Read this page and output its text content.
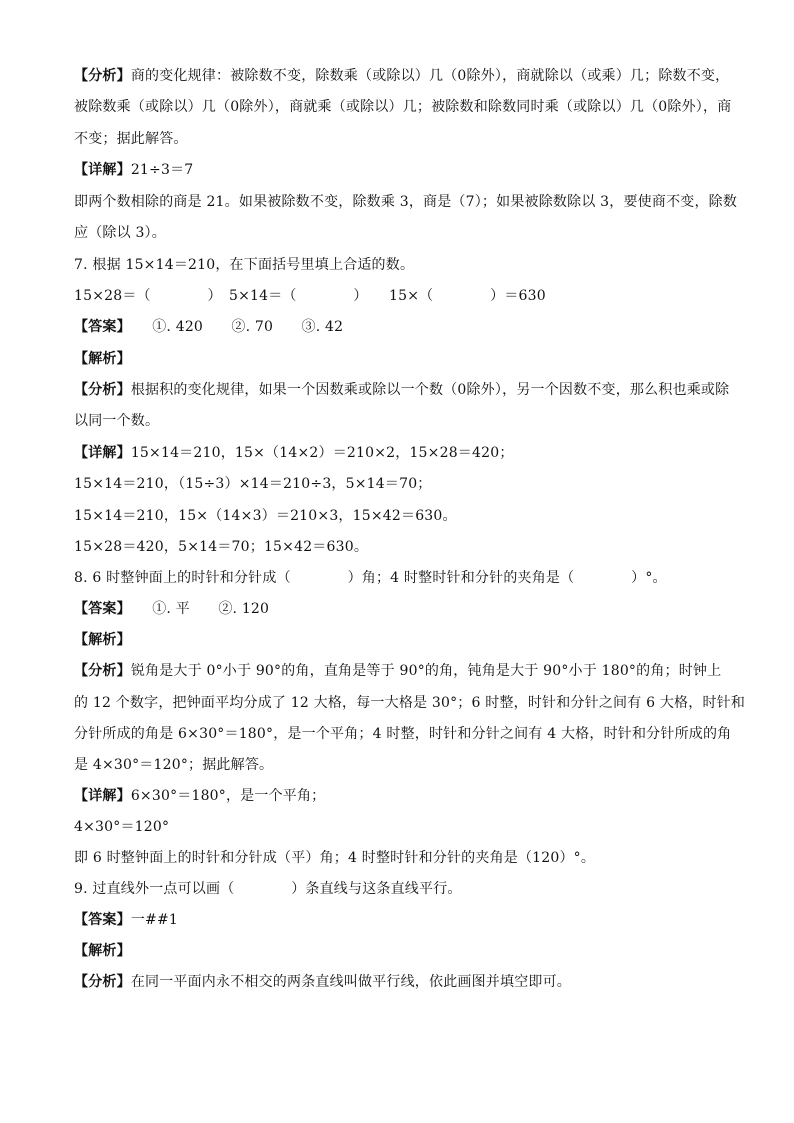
【分析】商的变化规律：被除数不变，除数乘（或除以）几（0除外），商就除以（或乘）几；除数不变，
被除数乘（或除以）几（0除外），商就乘（或除以）几；被除数和除数同时乘（或除以）几（0除外），商
不变；据此解答。
【详解】21÷3＝7
即两个数相除的商是 21。如果被除数不变，除数乘 3，商是（7）；如果被除数除以 3，要使商不变，除数
应（除以 3）。
7. 根据 15×14＝210，在下面括号里填上合适的数。
15×28＝（　　　　）　5×14＝（　　　　）　　15×（　　　　）＝630
【答案】　　①. 420　　②. 70　　③. 42
【解析】
【分析】根据积的变化规律，如果一个因数乘或除以一个数（0除外），另一个因数不变，那么积也乘或除
以同一个数。
【详解】15×14＝210，15×（14×2）＝210×2，15×28＝420；
15×14＝210，（15÷3）×14＝210÷3，5×14＝70；
15×14＝210，15×（14×3）＝210×3，15×42＝630。
15×28＝420，5×14＝70；15×42＝630。
8. 6 时整钟面上的时针和分针成（　　　　）角；4 时整时针和分针的夹角是（　　　　）°。
【答案】　　①. 平　　②. 120
【解析】
【分析】锐角是大于 0°小于 90°的角，直角是等于 90°的角，钝角是大于 90°小于 180°的角；时钟上
的 12 个数字，把钟面平均分成了 12 大格，每一大格是 30°；6 时整，时针和分针之间有 6 大格，时针和
分针所成的角是 6×30°＝180°，是一个平角；4 时整，时针和分针之间有 4 大格，时针和分针所成的角
是 4×30°＝120°；据此解答。
【详解】6×30°＝180°，是一个平角；
4×30°＝120°
即 6 时整钟面上的时针和分针成（平）角；4 时整时针和分针的夹角是（120）°。
9. 过直线外一点可以画（　　　　）条直线与这条直线平行。
【答案】一##1
【解析】
【分析】在同一平面内永不相交的两条直线叫做平行线，依此画图并填空即可。
